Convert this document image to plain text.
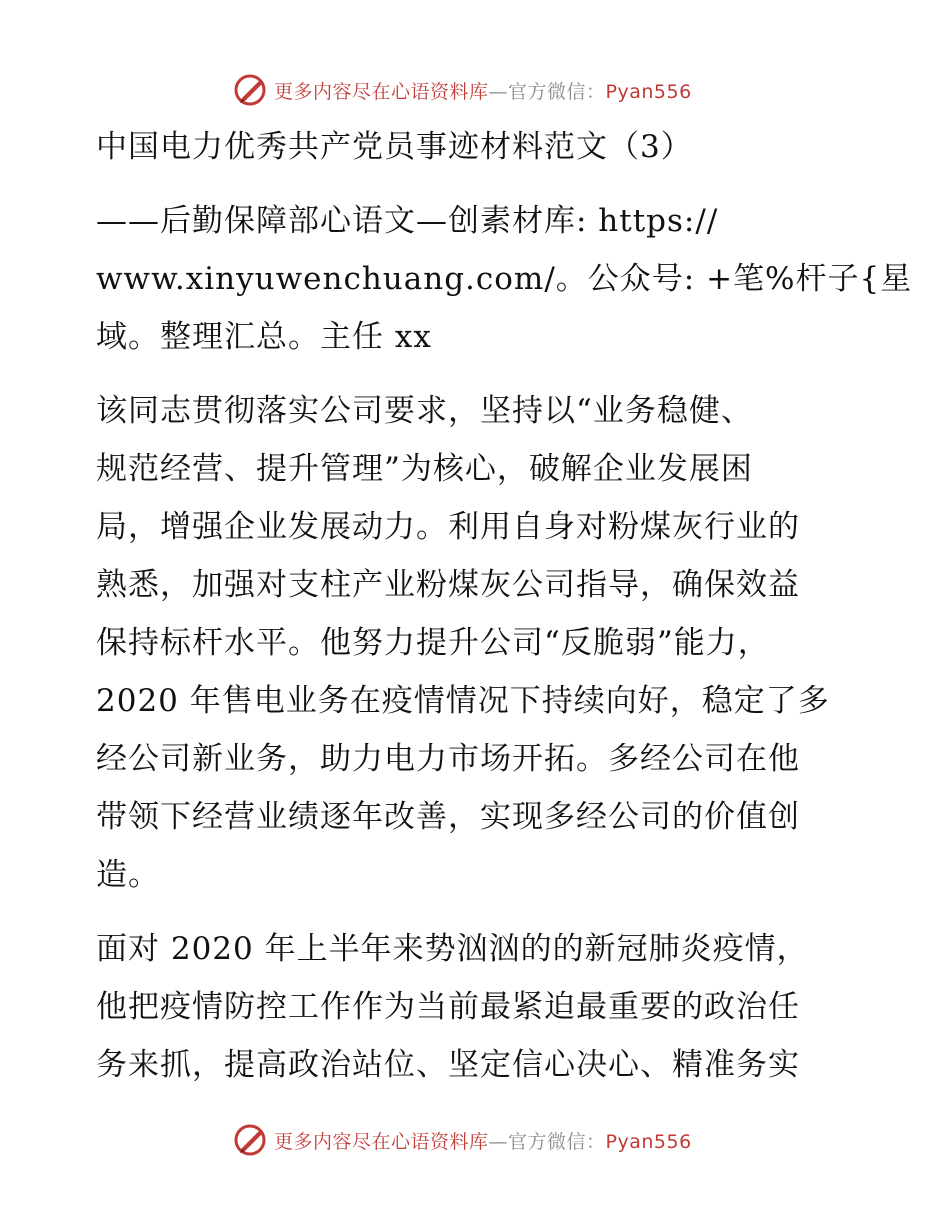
更多内容尽在心语资料库—官方微信：Pyan556
中国电力优秀共产党员事迹材料范文（3）
——后勤保障部心语文—创素材库: https://
www.xinyuwenchuang.com/。公众号: +笔%杆子{星
域。整理汇总。主任 xx
该同志贯彻落实公司要求，坚持以“业务稳健、
规范经营、提升管理”为核心，破解企业发展困
局，增强企业发展动力。利用自身对粉煤灰行业的
熟悉，加强对支柱产业粉煤灰公司指导，确保效益
保持标杆水平。他努力提升公司“反脆弱”能力，
2020 年售电业务在疫情情况下持续向好，稳定了多
经公司新业务，助力电力市场开拓。多经公司在他
带领下经营业绩逐年改善，实现多经公司的价值创
造。
面对 2020 年上半年来势汹汹的的新冠肺炎疫情，
他把疫情防控工作作为当前最紧迫最重要的政治任
务来抓，提高政治站位、坚定信心决心、精准务实
更多内容尽在心语资料库—官方微信：Pyan556
